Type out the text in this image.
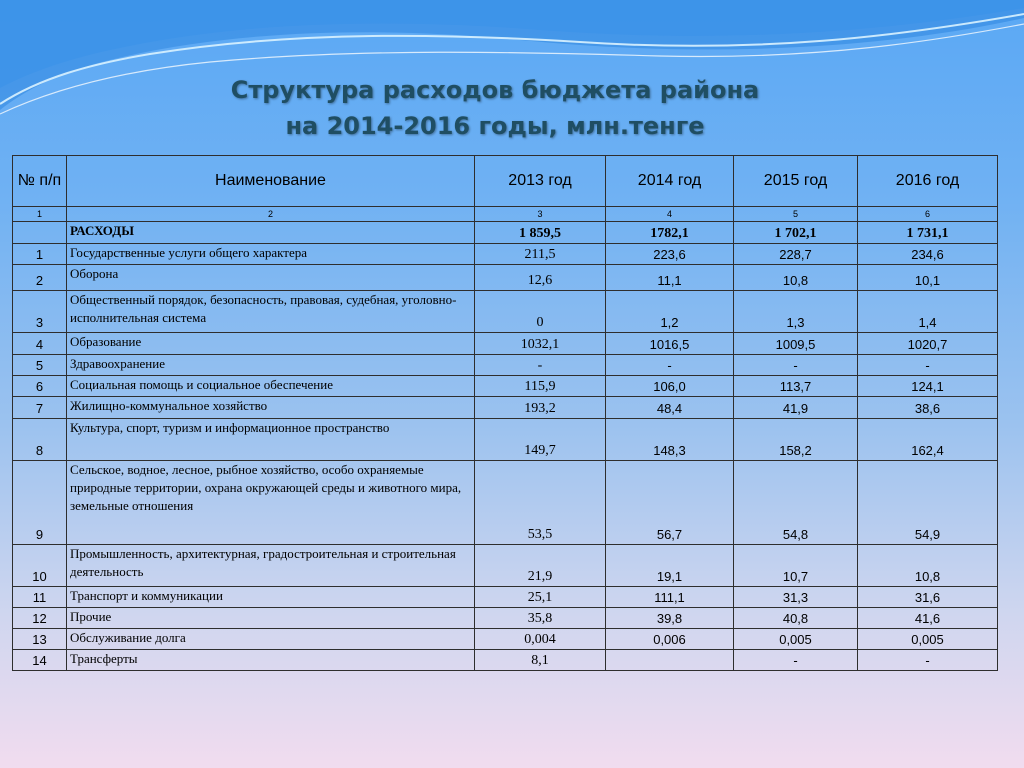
Структура расходов бюджета района
на 2014-2016 годы, млн.тенге
№ п/п	Наименование	2013 год	2014 год	2015 год	2016 год
1	2	3	4	5	6
	РАСХОДЫ	1 859,5	1782,1	1 702,1	1 731,1
1	Государственные услуги общего характера	211,5	223,6	228,7	234,6
2	Оборона	12,6	11,1	10,8	10,1
3	Общественный порядок, безопасность, правовая, судебная, уголовно-исполнительная система	0	1,2	1,3	1,4
4	Образование	1032,1	1016,5	1009,5	1020,7
5	Здравоохранение	-	-	-	-
6	Социальная помощь и социальное обеспечение	115,9	106,0	113,7	124,1
7	Жилищно-коммунальное хозяйство	193,2	48,4	41,9	38,6
8	Культура, спорт, туризм и информационное пространство	149,7	148,3	158,2	162,4
9	Сельское, водное, лесное, рыбное хозяйство, особо охраняемые природные территории, охрана окружающей среды и животного мира, земельные отношения	53,5	56,7	54,8	54,9
10	Промышленность, архитектурная, градостроительная и строительная деятельность	21,9	19,1	10,7	10,8
11	Транспорт и коммуникации	25,1	111,1	31,3	31,6
12	Прочие	35,8	39,8	40,8	41,6
13	Обслуживание долга	0,004	0,006	0,005	0,005
14	Трансферты	8,1		-	-
